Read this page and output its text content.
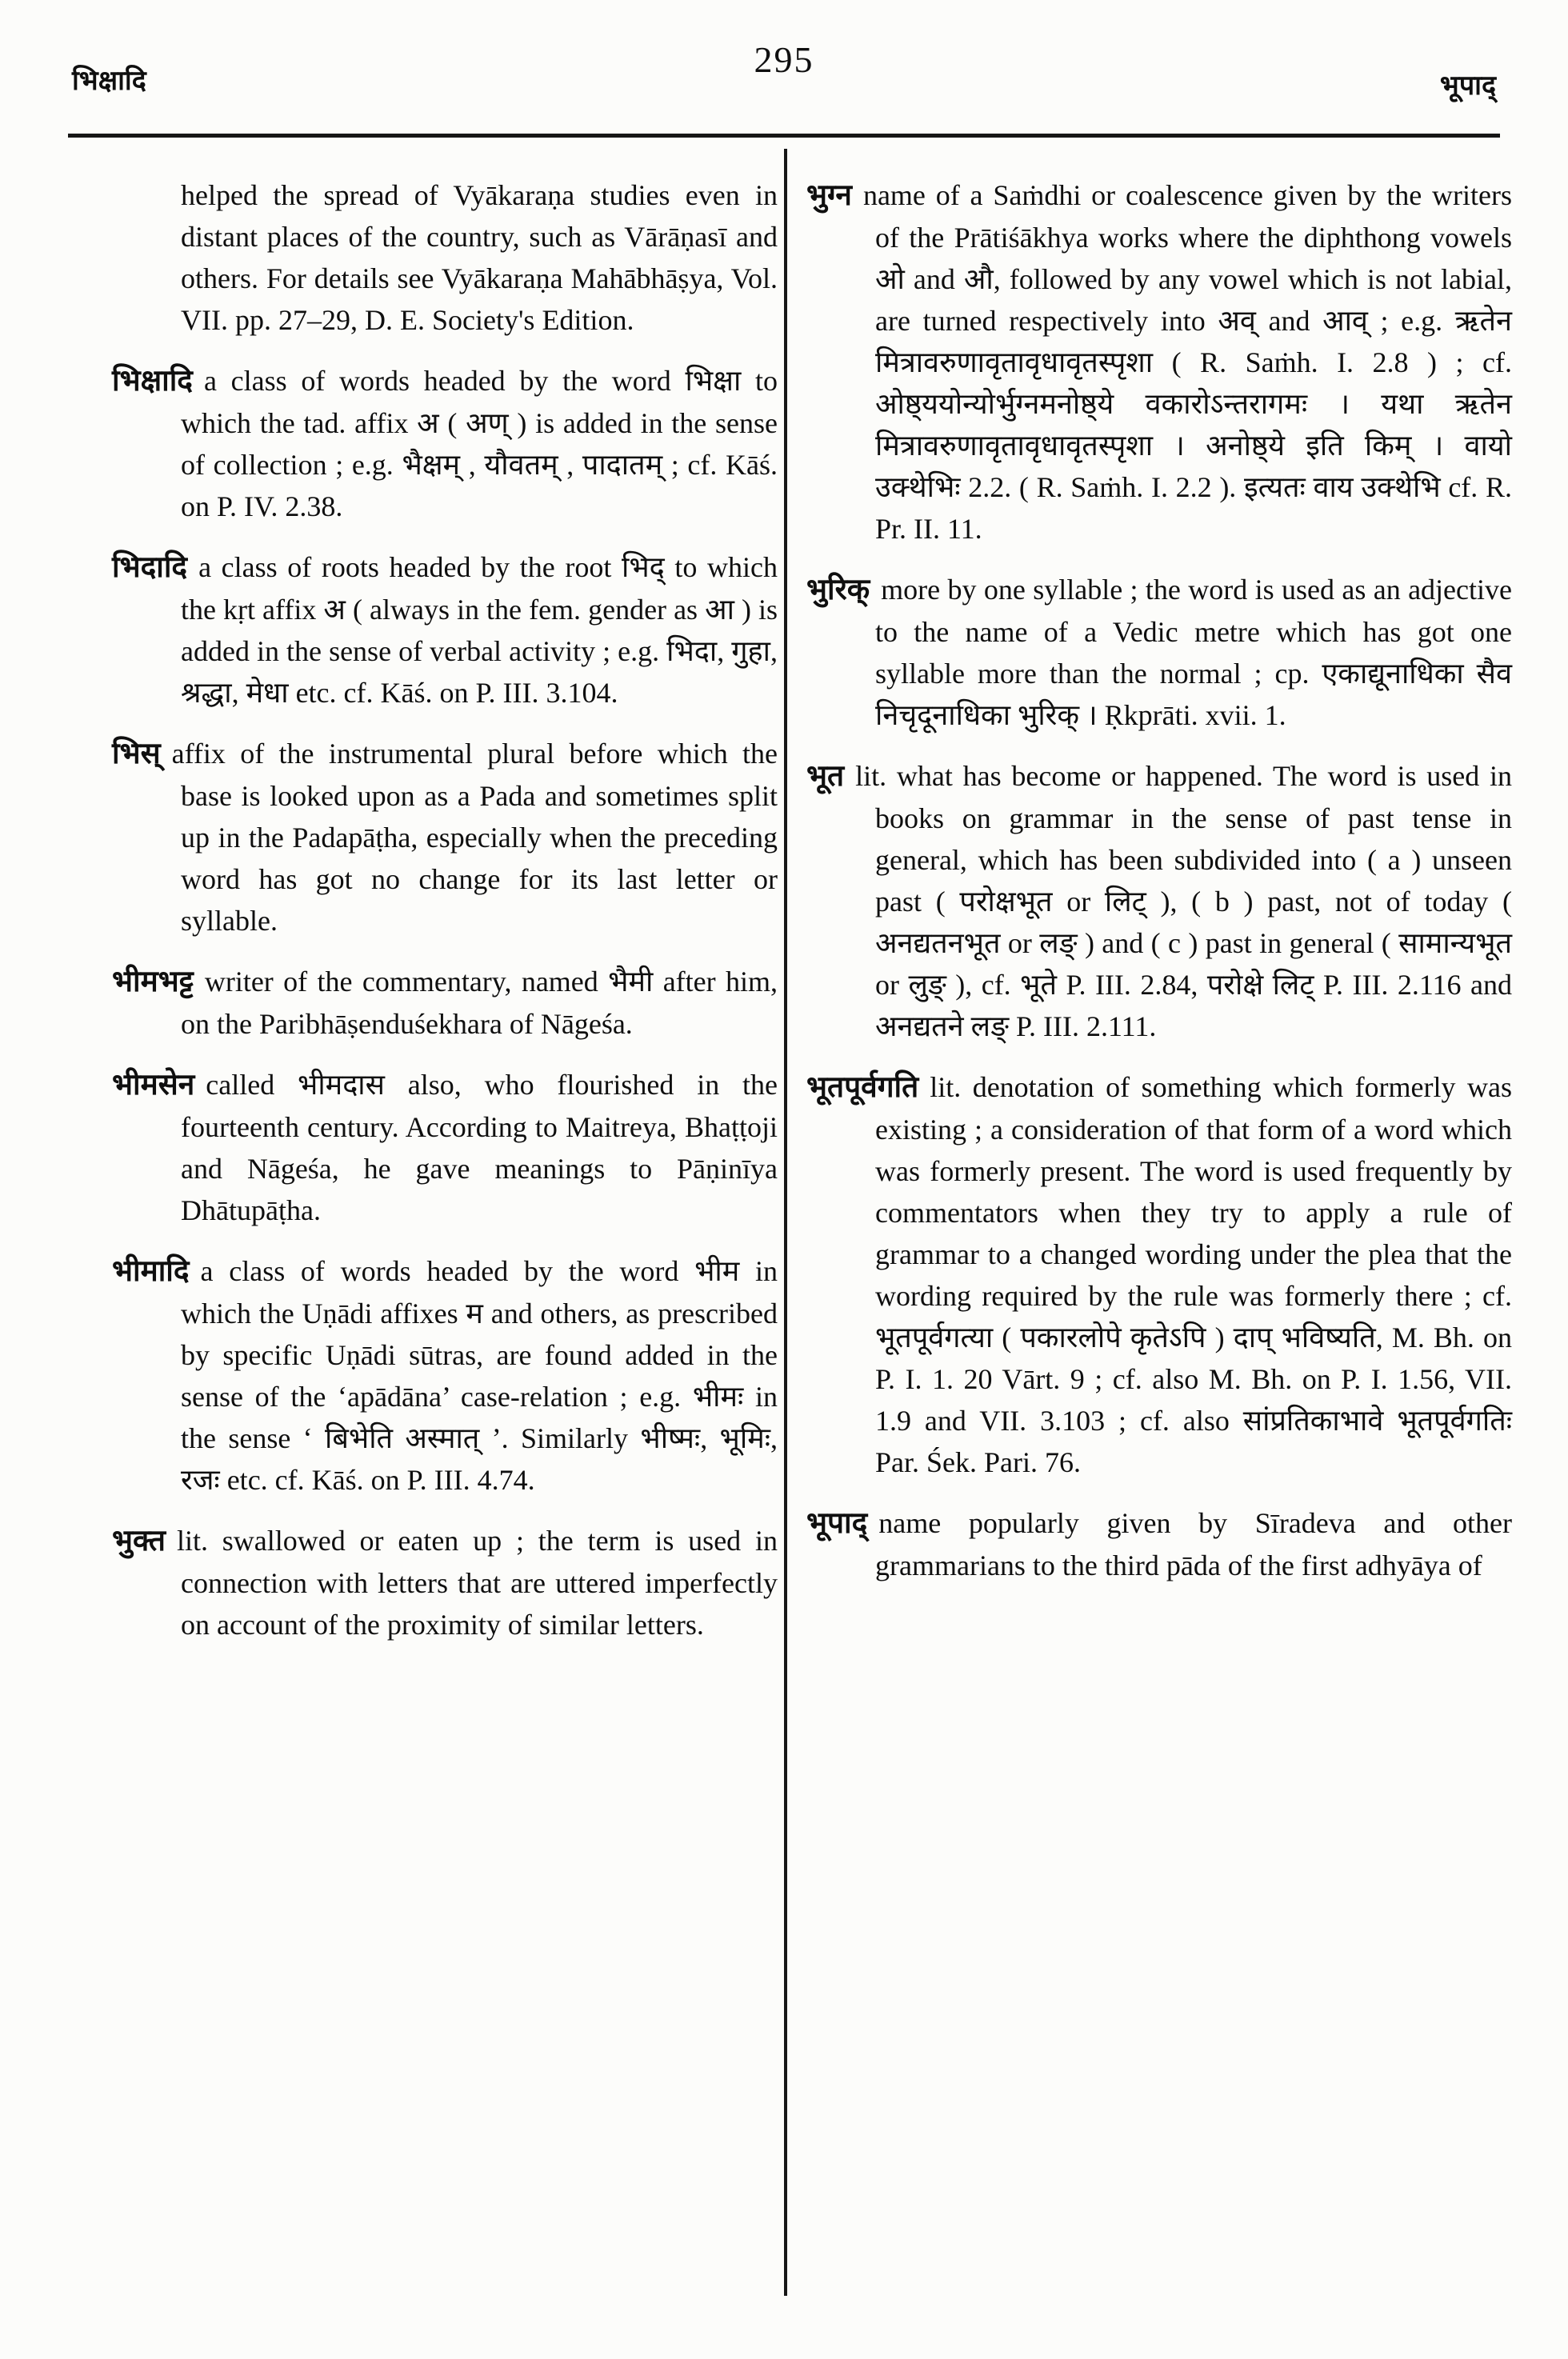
भिक्षादि
295
भूपाद्

helped the spread of Vyākaraṇa studies even in distant places of the country, such as Vārāṇasī and others. For details see Vyākaraṇa Mahābhāṣya, Vol. VII. pp. 27–29, D. E. Society's Edition.

भिक्षादि a class of words headed by the word भिक्षा to which the tad. affix अ ( अण् ) is added in the sense of collection ; e.g. भैक्षम् , यौवतम् , पादातम् ; cf. Kāś. on P. IV. 2.38.

भिदादि a class of roots headed by the root भिद् to which the kṛt affix अ ( always in the fem. gender as आ ) is added in the sense of verbal activity ; e.g. भिदा, गुहा, श्रद्धा, मेधा etc. cf. Kāś. on P. III. 3.104.

भिस् affix of the instrumental plural before which the base is looked upon as a Pada and sometimes split up in the Padapāṭha, especially when the preceding word has got no change for its last letter or syllable.

भीमभट्ट writer of the commentary, named भैमी after him, on the Paribhāṣenduśekhara of Nāgeśa.

भीमसेन called भीमदास also, who flourished in the fourteenth century. According to Maitreya, Bhaṭṭoji and Nāgeśa, he gave meanings to Pāṇinīya Dhātupāṭha.

भीमादि a class of words headed by the word भीम in which the Uṇādi affixes म and others, as prescribed by specific Uṇādi sūtras, are found added in the sense of the ‘apādāna’ case-relation ; e.g. भीमः in the sense ‘ बिभेति अस्मात् ’. Similarly भीष्मः, भूमिः, रजः etc. cf. Kāś. on P. III. 4.74.

भुक्त lit. swallowed or eaten up ; the term is used in connection with letters that are uttered imperfectly on account of the proximity of similar letters.

भुग्न name of a Saṁdhi or coalescence given by the writers of the Prātiśākhya works where the diphthong vowels ओ and औ, followed by any vowel which is not labial, are turned respectively into अव् and आव् ; e.g. ऋतेन मित्रावरुणावृतावृधावृतस्पृशा ( R. Saṁh. I. 2.8 ) ; cf. ओष्ठ्ययोन्योर्भुग्नमनोष्ठ्ये वकारोऽन्तरागमः । यथा ऋतेन मित्रावरुणावृतावृधावृतस्पृशा । अनोष्ठ्ये इति किम् । वायो उक्थेभिः 2.2. ( R. Saṁh. I. 2.2 ). इत्यतः वाय उक्थेभि cf. R. Pr. II. 11.

भुरिक् more by one syllable ; the word is used as an adjective to the name of a Vedic metre which has got one syllable more than the normal ; cp. एकाद्यूनाधिका सैव निचृदूनाधिका भुरिक् । Ṛkprāti. xvii. 1.

भूत lit. what has become or happened. The word is used in books on grammar in the sense of past tense in general, which has been subdivided into ( a ) unseen past ( परोक्षभूत or लिट् ), ( b ) past, not of today ( अनद्यतनभूत or लङ् ) and ( c ) past in general ( सामान्यभूत or लुङ् ), cf. भूते P. III. 2.84, परोक्षे लिट् P. III. 2.116 and अनद्यतने लङ् P. III. 2.111.

भूतपूर्वगति lit. denotation of something which formerly was existing ; a consideration of that form of a word which was formerly present. The word is used frequently by commentators when they try to apply a rule of grammar to a changed wording under the plea that the wording required by the rule was formerly there ; cf. भूतपूर्वगत्या ( पकारलोपे कृतेऽपि ) दाप् भविष्यति, M. Bh. on P. I. 1. 20 Vārt. 9 ; cf. also M. Bh. on P. I. 1.56, VII. 1.9 and VII. 3.103 ; cf. also सांप्रतिकाभावे भूतपूर्वगतिः Par. Śek. Pari. 76.

भूपाद् name popularly given by Sīradeva and other grammarians to the third pāda of the first adhyāya of
